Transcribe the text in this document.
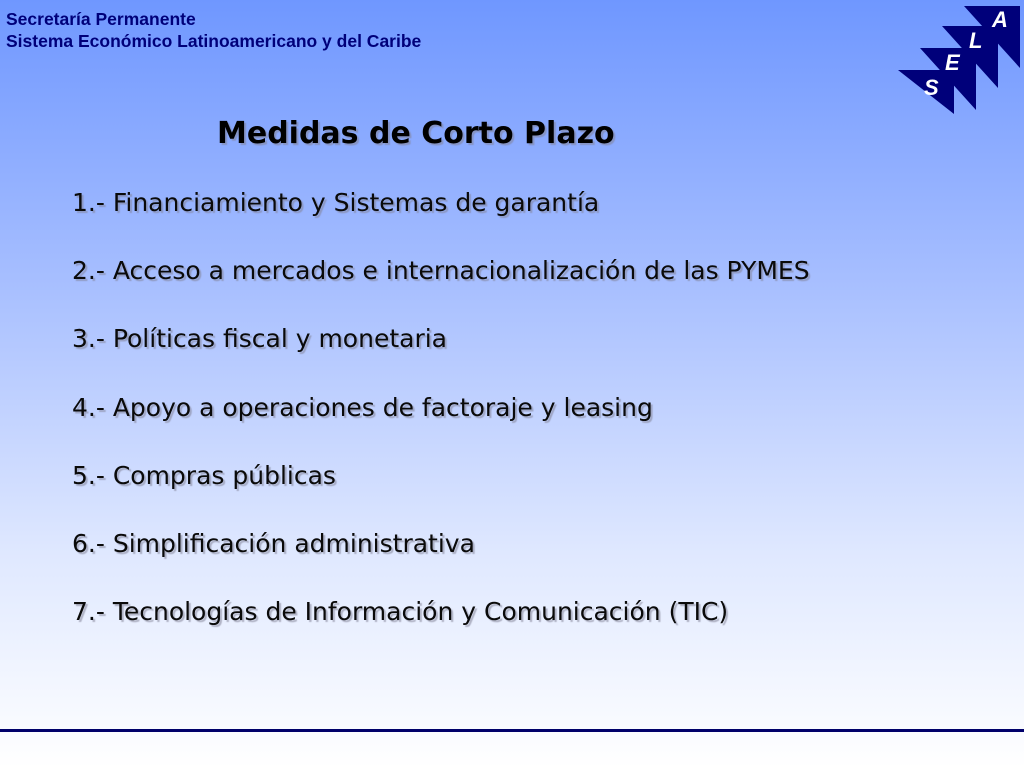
Secretaría Permanente
Sistema Económico Latinoamericano y del Caribe
S
E
L
A
Medidas de Corto Plazo
1.- Financiamiento y Sistemas de garantía
2.- Acceso a mercados e internacionalización de las PYMES
3.- Políticas fiscal y monetaria
4.- Apoyo a operaciones de factoraje y leasing
5.- Compras públicas
6.- Simplificación administrativa
7.- Tecnologías de Información y Comunicación (TIC)
